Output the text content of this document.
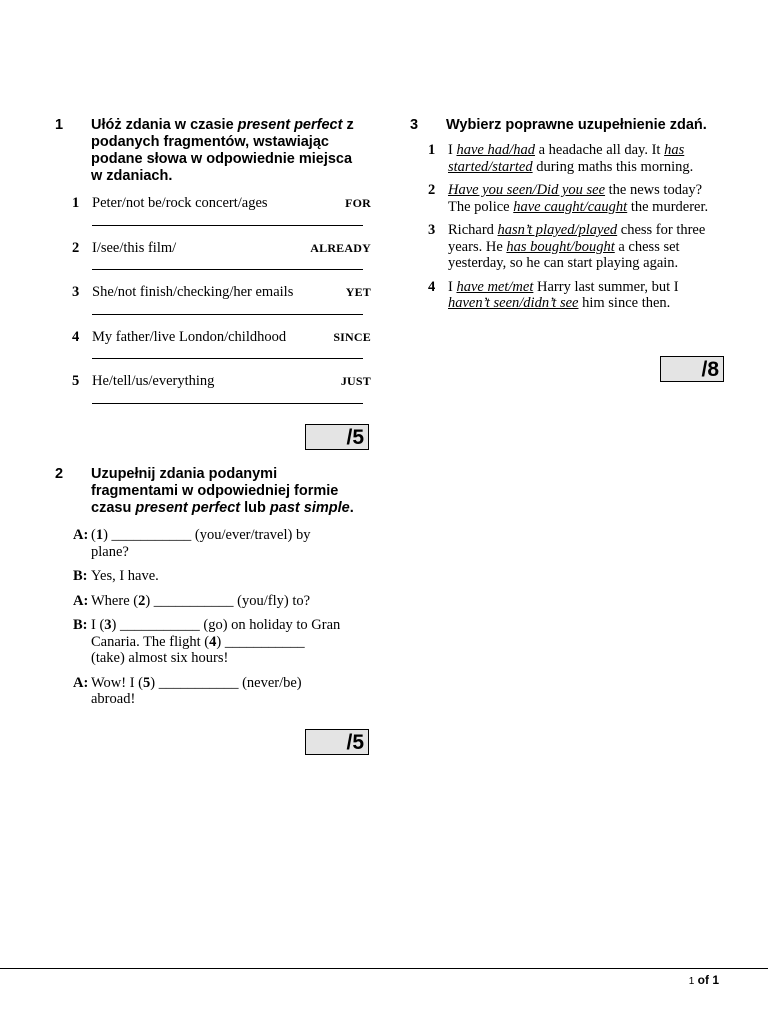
1	Ułóż zdania w czasie present perfect z podanych fragmentów, wstawiając podane słowa w odpowiednie miejsca w zdaniach.
1 Peter/not be/rock concert/ages	FOR
2 I/see/this film/	ALREADY
3 She/not finish/checking/her emails	YET
4 My father/live London/childhood	SINCE
5 He/tell/us/everything	JUST
/5
2	Uzupełnij zdania podanymi fragmentami w odpowiedniej formie czasu present perfect lub past simple.
A: (1) ___________ (you/ever/travel) by plane?
B: Yes, I have.
A: Where (2) ___________ (you/fly) to?
B: I (3) ___________ (go) on holiday to Gran Canaria. The flight (4) ___________ (take) almost six hours!
A: Wow! I (5) ___________ (never/be) abroad!
/5
3	Wybierz poprawne uzupełnienie zdań.
1 I have had/had a headache all day. It has started/started during maths this morning.
2 Have you seen/Did you see the news today? The police have caught/caught the murderer.
3 Richard hasn’t played/played chess for three years. He has bought/bought a chess set yesterday, so he can start playing again.
4 I have met/met Harry last summer, but I haven’t seen/didn’t see him since then.
/8
1 of 1
